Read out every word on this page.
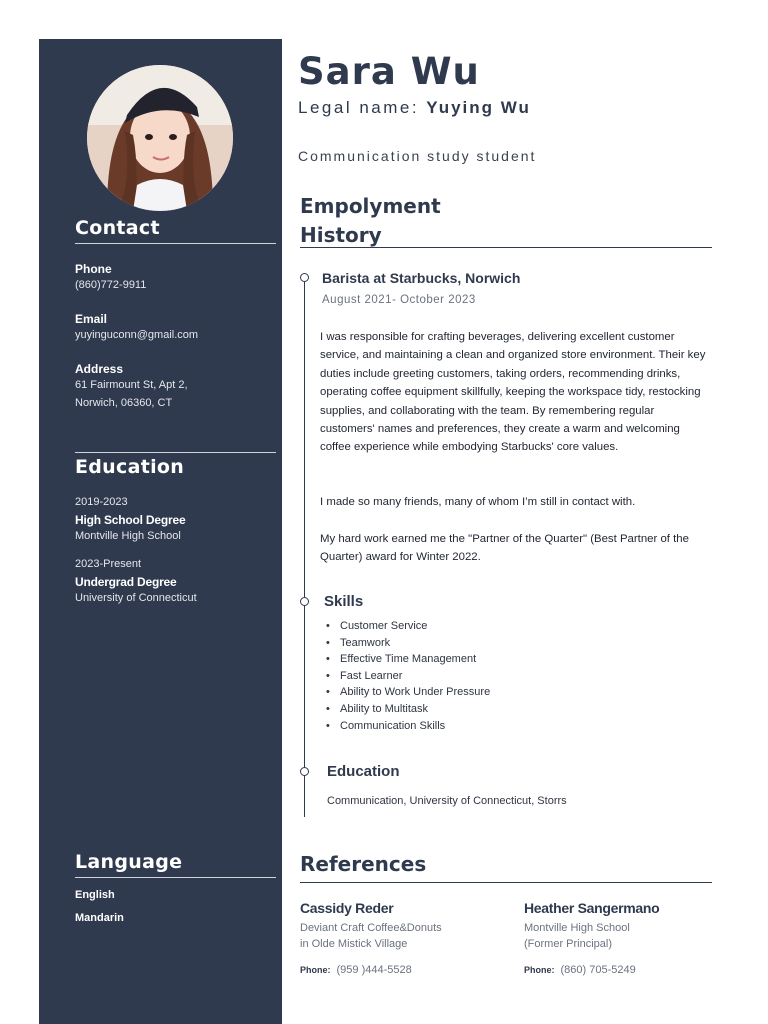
Contact
Phone
(860)772-9911
Email
yuyinguconn@gmail.com
Address
61 Fairmount St, Apt 2,
Norwich, 06360, CT
Education
2019-2023
High School Degree
Montville High School
2023-Present
Undergrad Degree
University of Connecticut
Language
English
Mandarin
Sara Wu
Legal name: Yuying Wu
Communication study student
Empolyment
History
Barista at Starbucks, Norwich
August 2021- October 2023
I was responsible for crafting beverages, delivering excellent customer service, and maintaining a clean and organized store environment. Their key duties include greeting customers, taking orders, recommending drinks, operating coffee equipment skillfully, keeping the workspace tidy, restocking supplies, and collaborating with the team. By remembering regular customers' names and preferences, they create a warm and welcoming coffee experience while embodying Starbucks' core values.
I made so many friends, many of whom I’m still in contact with.
My hard work earned me the "Partner of the Quarter" (Best Partner of the Quarter) award for Winter 2022.
Skills
• Customer Service
• Teamwork
• Effective Time Management
• Fast Learner
• Ability to Work Under Pressure
• Ability to Multitask
• Communication Skills
Education
Communication, University of Connecticut, Storrs
References
Cassidy Reder
Deviant Craft Coffee&Donuts
in Olde Mistick Village
Phone: (959 )444-5528
Heather Sangermano
Montville High School
(Former Principal)
Phone: (860) 705-5249
